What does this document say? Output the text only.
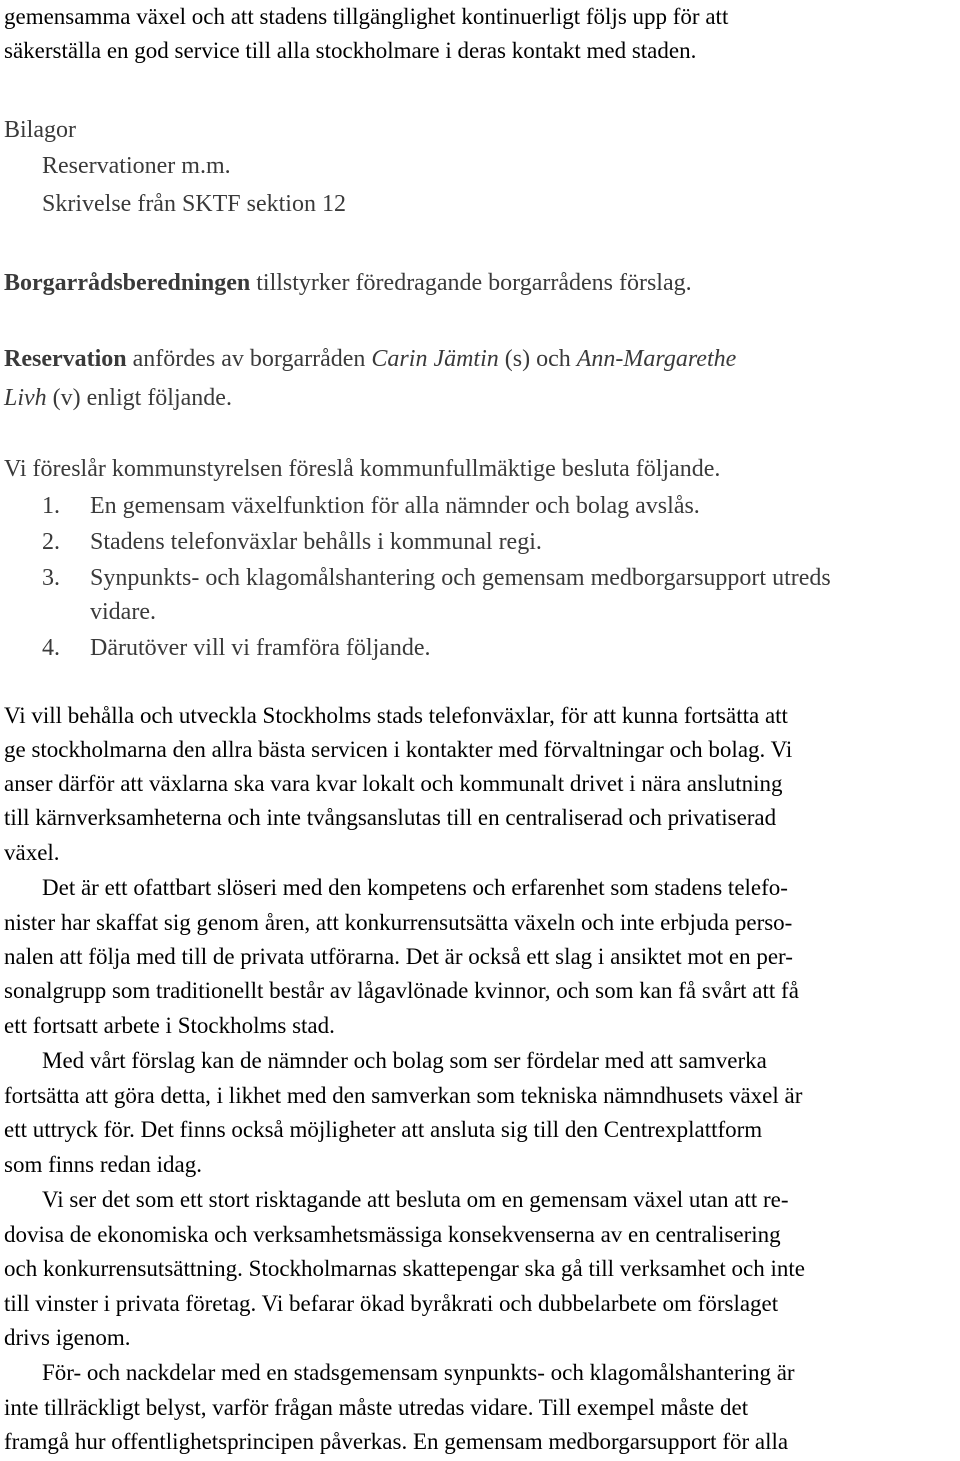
gemensamma växel och att stadens tillgänglighet kontinuerligt följs upp för att
säkerställa en god service till alla stockholmare i deras kontakt med staden.
Bilagor
Reservationer m.m.
Skrivelse från SKTF sektion 12
Borgarrådsberedningen tillstyrker föredragande borgarrådens förslag.
Reservation anfördes av borgarråden Carin Jämtin (s) och Ann-Margarethe
Livh (v) enligt följande.
Vi föreslår kommunstyrelsen föreslå kommunfullmäktige besluta följande.
1. En gemensam växelfunktion för alla nämnder och bolag avslås.
2. Stadens telefonväxlar behålls i kommunal regi.
3. Synpunkts- och klagomålshantering och gemensam medborgarsupport utreds
vidare.
4. Därutöver vill vi framföra följande.
Vi vill behålla och utveckla Stockholms stads telefonväxlar, för att kunna fortsätta att
ge stockholmarna den allra bästa servicen i kontakter med förvaltningar och bolag. Vi
anser därför att växlarna ska vara kvar lokalt och kommunalt drivet i nära anslutning
till kärnverksamheterna och inte tvångsanslutas till en centraliserad och privatiserad
växel.
Det är ett ofattbart slöseri med den kompetens och erfarenhet som stadens telefo-
nister har skaffat sig genom åren, att konkurrensutsätta växeln och inte erbjuda perso-
nalen att följa med till de privata utförarna. Det är också ett slag i ansiktet mot en per-
sonalgrupp som traditionellt består av lågavlönade kvinnor, och som kan få svårt att få
ett fortsatt arbete i Stockholms stad.
Med vårt förslag kan de nämnder och bolag som ser fördelar med att samverka
fortsätta att göra detta, i likhet med den samverkan som tekniska nämndhusets växel är
ett uttryck för. Det finns också möjligheter att ansluta sig till den Centrexplattform
som finns redan idag.
Vi ser det som ett stort risktagande att besluta om en gemensam växel utan att re-
dovisa de ekonomiska och verksamhetsmässiga konsekvenserna av en centralisering
och konkurrensutsättning. Stockholmarnas skattepengar ska gå till verksamhet och inte
till vinster i privata företag. Vi befarar ökad byråkrati och dubbelarbete om förslaget
drivs igenom.
För- och nackdelar med en stadsgemensam synpunkts- och klagomålshantering är
inte tillräckligt belyst, varför frågan måste utredas vidare. Till exempel måste det
framgå hur offentlighetsprincipen påverkas. En gemensam medborgarsupport för alla
